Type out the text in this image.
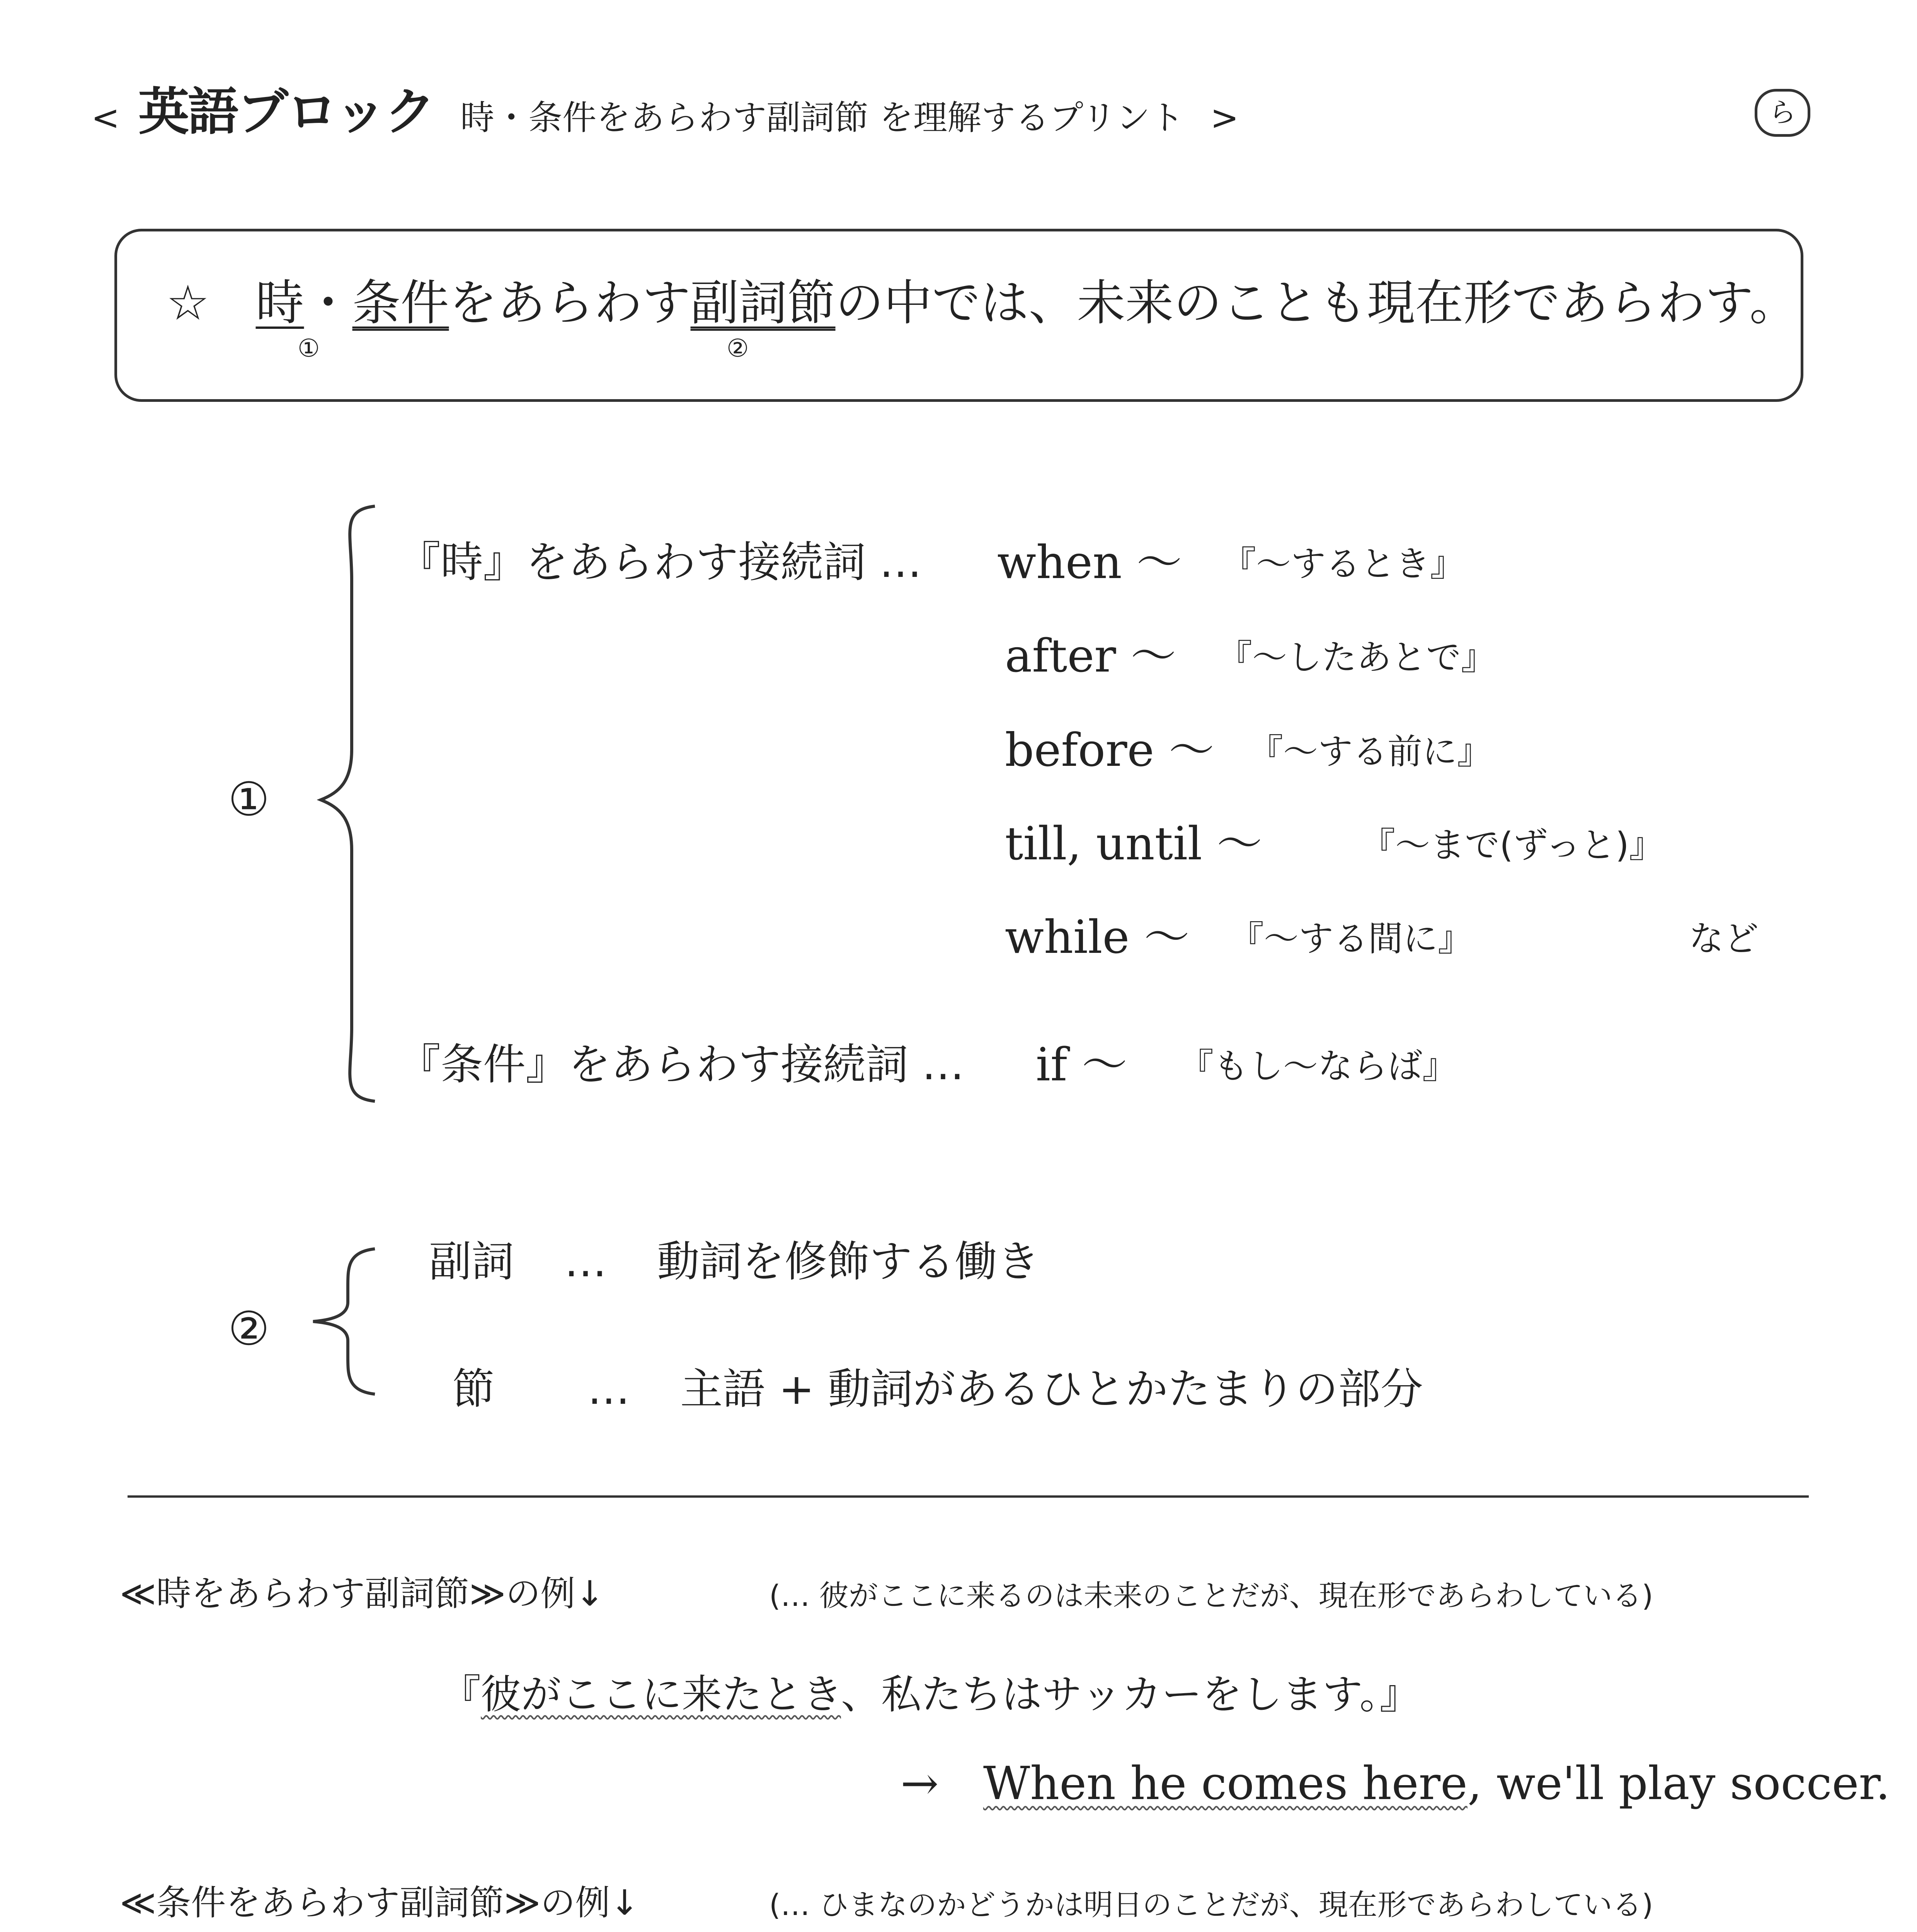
< 英語ブロック 時・条件をあらわす副詞節 を理解するプリント >	ら
☆ 時・条件をあらわす副詞節の中では、未来のことも現在形であらわす。
①	②
①
『時』をあらわす接続詞 … when ～ 『～するとき』
after ～ 『～したあとで』
before ～ 『～する前に』
till, until ～	『～まで(ずっと)』
while ～ 『～する間に』	など
『条件』をあらわす接続詞 … if ～ 『もし～ならば』
②
副詞 … 動詞を修飾する働き
節 … 主語 + 動詞があるひとかたまりの部分
≪時をあらわす副詞節≫の例↓	(… 彼がここに来るのは未来のことだが、現在形であらわしている)
『彼がここに来たとき、私たちはサッカーをします。』
→ When he comes here, we'll play soccer.
≪条件をあらわす副詞節≫の例↓	(… ひまなのかどうかは明日のことだが、現在形であらわしている)
